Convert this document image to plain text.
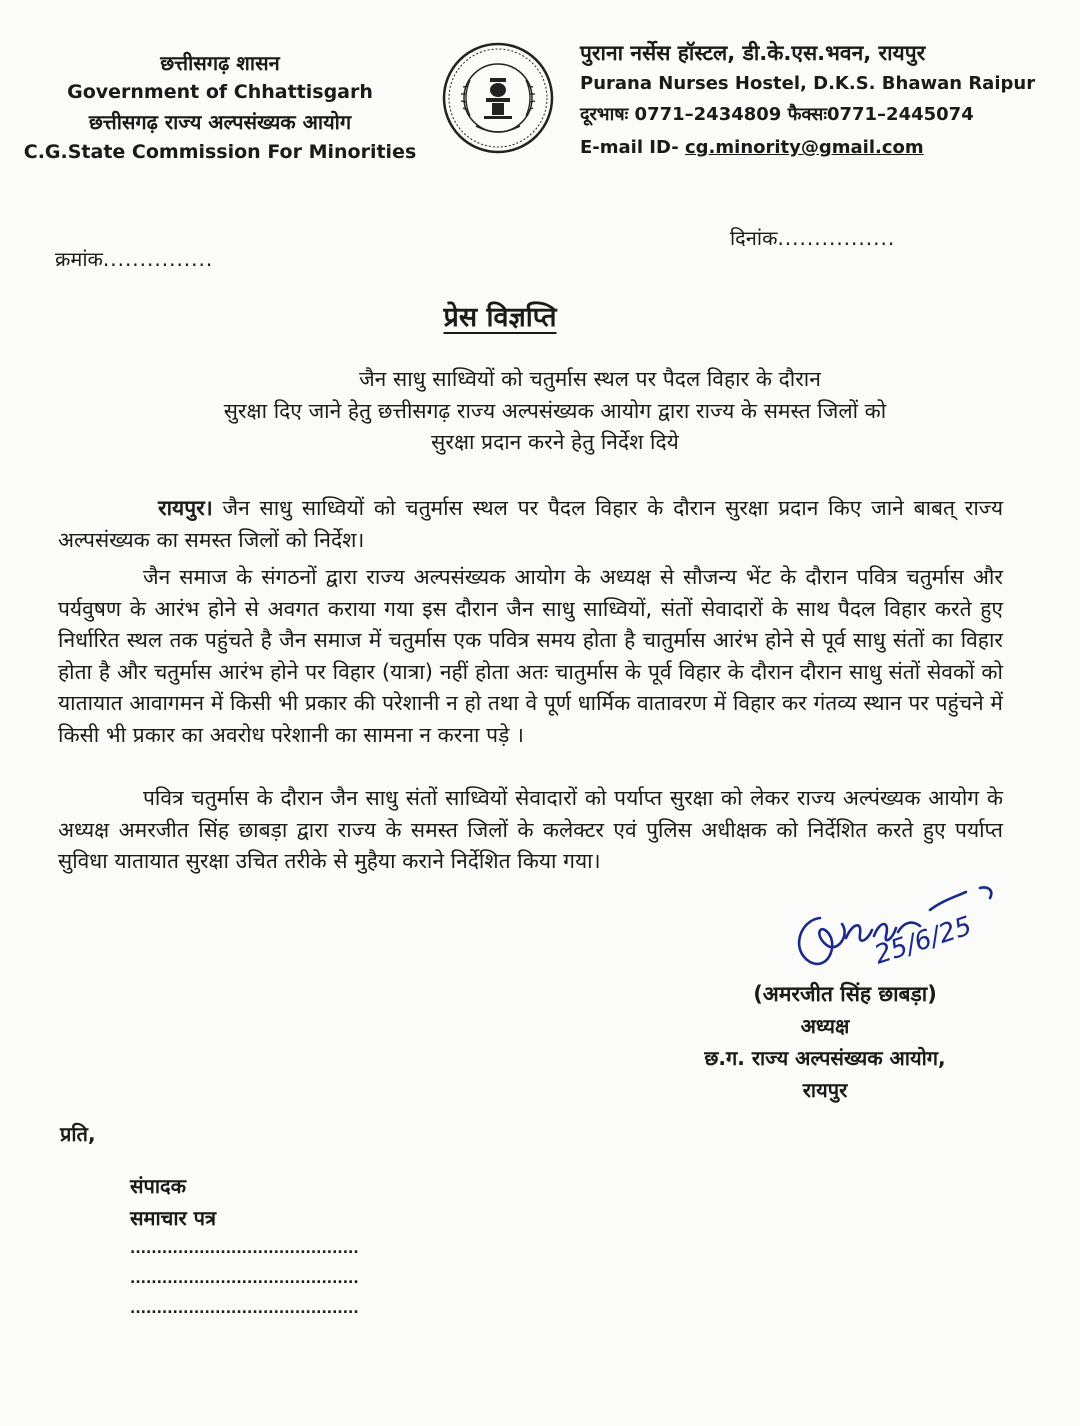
छत्तीसगढ़ शासन
Government of Chhattisgarh
छत्तीसगढ़ राज्य अल्पसंख्यक आयोग
C.G.State Commission For Minorities
पुराना नर्सेस हॉस्टल, डी.के.एस.भवन, रायपुर
Purana Nurses Hostel, D.K.S. Bhawan Raipur
दूरभाषः 0771–2434809 फैक्सः0771–2445074
E-mail ID- cg.minority@gmail.com
दिनांक................
क्रमांक...............
प्रेस विज्ञप्ति
जैन साधु साध्वियों को चतुर्मास स्थल पर पैदल विहार के दौरान
सुरक्षा दिए जाने हेतु छत्तीसगढ़ राज्य अल्पसंख्यक आयोग द्वारा राज्य के समस्त जिलों को
सुरक्षा प्रदान करने हेतु निर्देश दिये
रायपुर। जैन साधु साध्वियों को चतुर्मास स्थल पर पैदल विहार के दौरान सुरक्षा प्रदान किए जाने बाबत् राज्य अल्पसंख्यक का समस्त जिलों को निर्देश।
जैन समाज के संगठनों द्वारा राज्य अल्पसंख्यक आयोग के अध्यक्ष से सौजन्य भेंट के दौरान पवित्र चतुर्मास और पर्यवुषण के आरंभ होने से अवगत कराया गया इस दौरान जैन साधु साध्वियों, संतों सेवादारों के साथ पैदल विहार करते हुए निर्धारित स्थल तक पहुंचते है जैन समाज में चतुर्मास एक पवित्र समय होता है चातुर्मास आरंभ होने से पूर्व साधु संतों का विहार होता है और चतुर्मास आरंभ होने पर विहार (यात्रा) नहीं होता अतः चातुर्मास के पूर्व विहार के दौरान दौरान साधु संतों सेवकों को यातायात आवागमन में किसी भी प्रकार की परेशानी न हो तथा वे पूर्ण धार्मिक वातावरण में विहार कर गंतव्य स्थान पर पहुंचने में किसी भी प्रकार का अवरोध परेशानी का सामना न करना पड़े ।
पवित्र चतुर्मास के दौरान जैन साधु संतों साध्वियों सेवादारों को पर्याप्त सुरक्षा को लेकर राज्य अल्पंख्यक आयोग के अध्यक्ष अमरजीत सिंह छाबड़ा द्वारा राज्य के समस्त जिलों के कलेक्टर एवं पुलिस अधीक्षक को निर्देशित करते हुए पर्याप्त सुविधा यातायात सुरक्षा उचित तरीके से मुहैया कराने निर्देशित किया गया।
25/6/25
(अमरजीत सिंह छाबड़ा)
अध्यक्ष
छ.ग. राज्य अल्पसंख्यक आयोग,
रायपुर
प्रति,
संपादक
समाचार पत्र
...........................................
...........................................
...........................................
